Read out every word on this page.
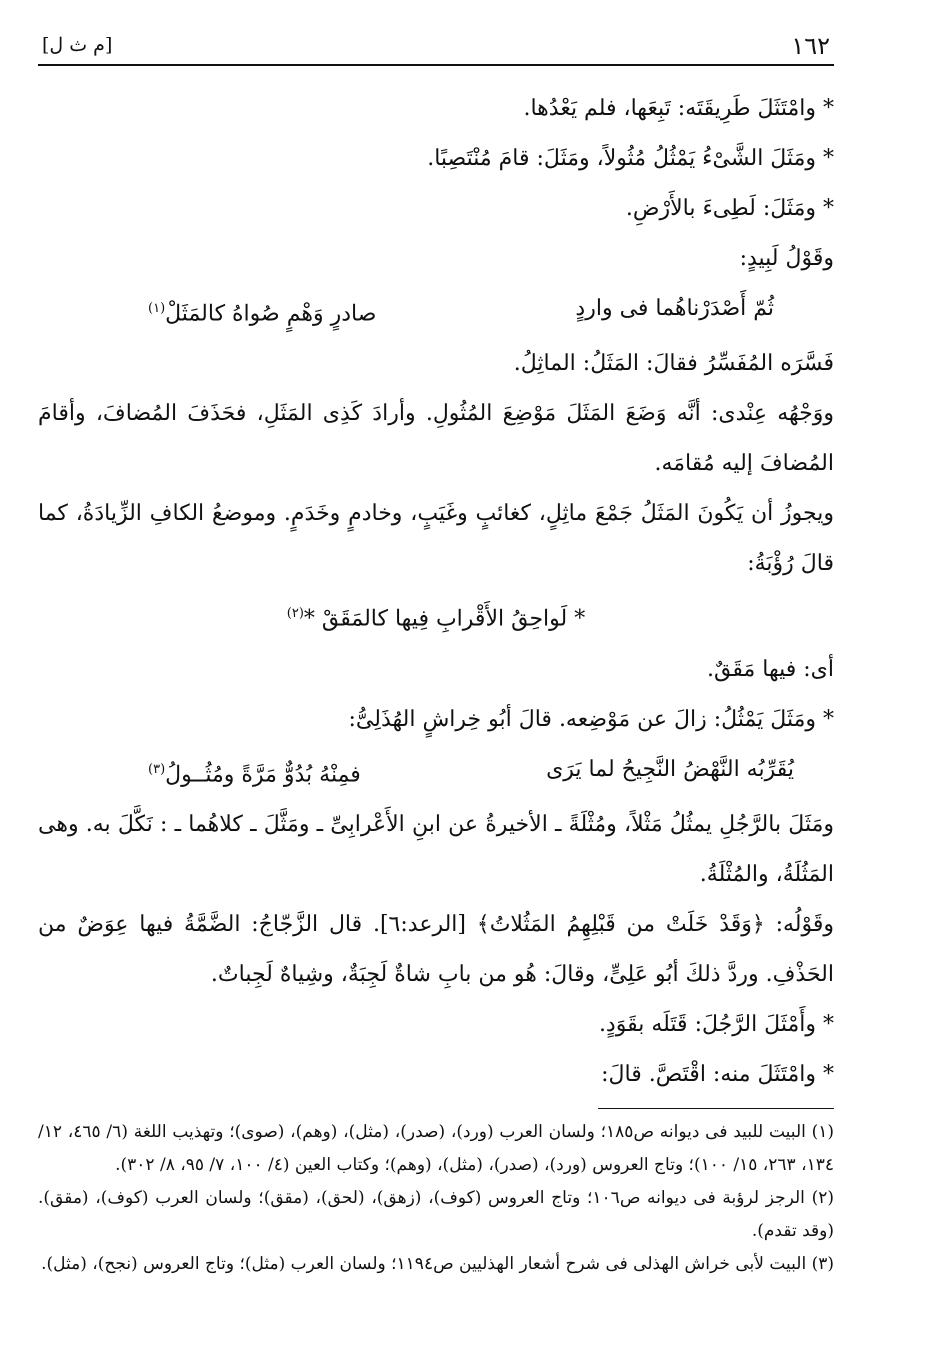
١٦٢
[م ث ل]

* وامْتَثَلَ طَرِيقَتَه: تَبِعَها، فلم يَعْدُها.

* ومَثَلَ الشَّىْءُ يَمْثُلُ مُثُولاً، ومَثَلَ: قامَ مُنْتَصِبًا.

* ومَثَلَ: لَطِىءَ بالأَرْضِ.

وقَوْلُ لَبِيدٍ:

ثُمّ أَصْدَرْناهُما فى واردٍ
صادرٍ وَهْمٍ صُواهُ كالمَثَلْ$^{(١)}$

فَسَّرَه المُفَسِّرُ فقالَ: المَثَلُ: الماثِلُ.

ووَجْهُه عِنْدى: أنَّه وَضَعَ المَثَلَ مَوْضِعَ المُثُولِ. وأرادَ كَذِى المَثَلِ، فحَذَفَ المُضافَ، وأقامَ المُضافَ إليه مُقامَه.

ويجوزُ أن يَكُونَ المَثَلُ جَمْعَ ماثِلٍ، كغائبٍ وغَيَبٍ، وخادمٍ وخَدَمٍ. وموضعُ الكافِ الزِّيادَةُ، كما قالَ رُؤْبَةُ:

* لَواحِقُ الأَقْرابِ فِيها كالمَقَقْ *$^{(٢)}$

أى: فيها مَقَقٌ.

* ومَثَلَ يَمْثُلُ: زالَ عن مَوْضِعه. قالَ أبُو خِراشٍ الهُذَلِىُّ:

يُقَرِّبُه النَّهْضُ النَّجِيحُ لما يَرَى
فمِنْهُ بُدُوٌّ مَرَّةً ومُثُــولُ$^{(٣)}$

ومَثَلَ بالرَّجُلِ يمثُلُ مَثْلاً، ومُثْلَةً ـ الأخيرةُ عن ابنِ الأَعْرابِىِّ ـ ومَثَّلَ ـ كلاهُما ـ : نَكَّلَ به. وهى المَثُلَةُ، والمُثْلَةُ.

وقَوْلُه: ﴿وَقَدْ خَلَتْ من قَبْلِهِمُ المَثُلاتُ﴾ [الرعد:٦]. قال الزَّجّاجُ: الضَّمَّةُ فيها عِوَضٌ من الحَذْفِ. وردَّ ذلكَ أبُو عَلِىٍّ، وقالَ: هُو من بابِ شاةٌ لَجِبَةٌ، وشِياهٌ لَجِباتٌ.

* وأَمْثَلَ الرَّجُلَ: قَتَلَه بقَوَدٍ.

* وامْتَثَلَ منه: اقْتَصَّ. قالَ:

(١) البيت للبيد فى ديوانه ص١٨٥؛ ولسان العرب (ورد)، (صدر)، (مثل)، (وهم)، (صوى)؛ وتهذيب اللغة (٦/ ٤٦٥، ١٢/ ١٣٤، ٢٦٣، ١٥/ ١٠٠)؛ وتاج العروس (ورد)، (صدر)، (مثل)، (وهم)؛ وكتاب العين (٤/ ١٠٠، ٧/ ٩٥، ٨/ ٣٠٢).

(٢) الرجز لرؤبة فى ديوانه ص١٠٦؛ وتاج العروس (كوف)، (زهق)، (لحق)، (مقق)؛ ولسان العرب (كوف)، (مقق). (وقد تقدم).

(٣) البيت لأبى خراش الهذلى فى شرح أشعار الهذليين ص١١٩٤؛ ولسان العرب (مثل)؛ وتاج العروس (نجح)، (مثل).
